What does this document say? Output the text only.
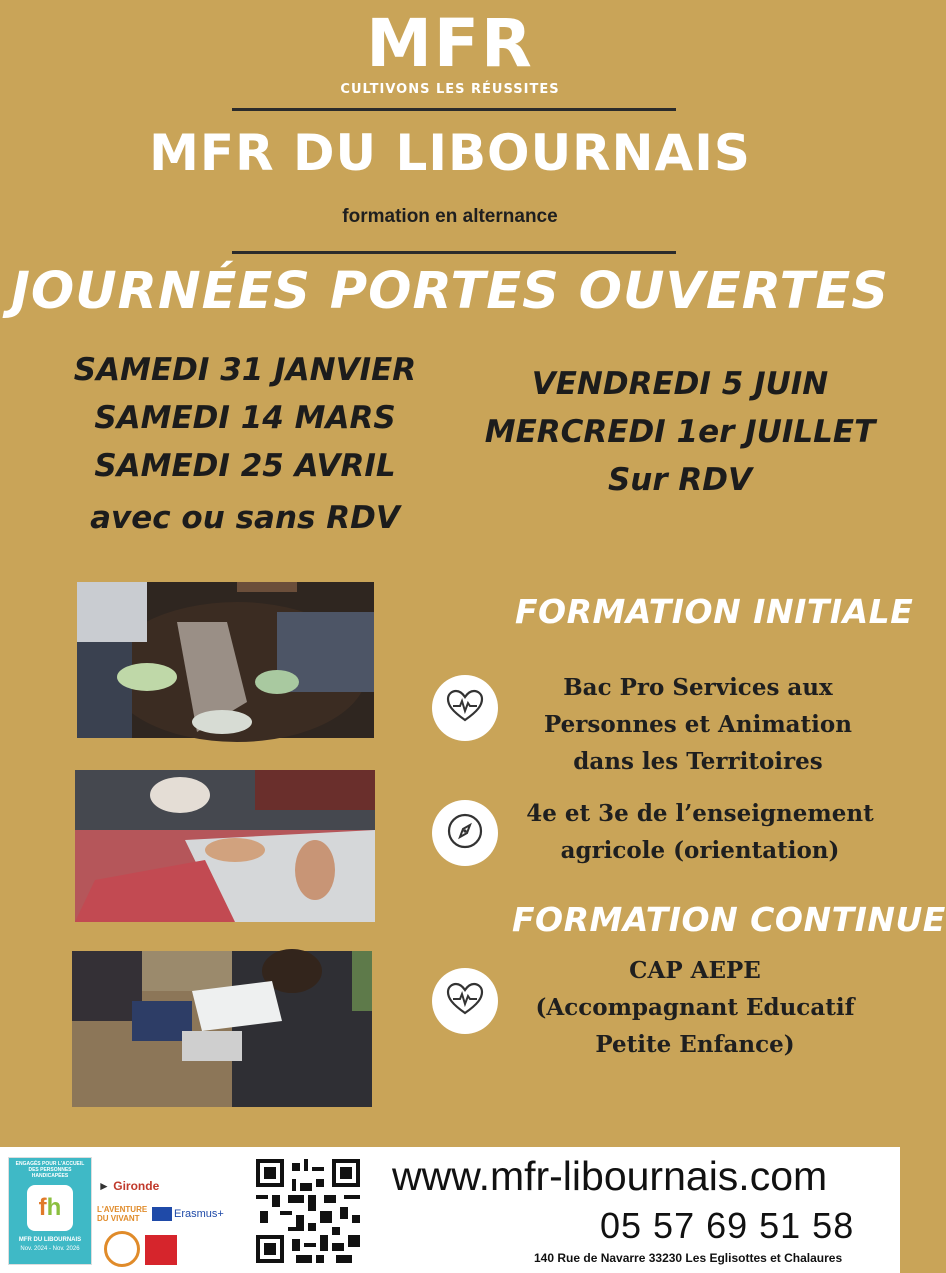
MFR
CULTIVONS LES RÉUSSITES
MFR DU LIBOURNAIS
formation en alternance
JOURNÉES PORTES OUVERTES
SAMEDI 31 JANVIER
SAMEDI 14 MARS
SAMEDI 25 AVRIL
avec ou sans RDV
VENDREDI 5 JUIN
MERCREDI 1er JUILLET
Sur RDV
FORMATION INITIALE
Bac Pro Services aux
Personnes et Animation
dans les Territoires
4e et 3e de l’enseignement
agricole (orientation)
FORMATION CONTINUE
CAP AEPE
(Accompagnant Educatif
Petite Enfance)
ENGAGÉS POUR L'ACCUEIL DES PERSONNES HANDICAPÉES
f h
MFR DU LIBOURNAIS
Nov. 2024 - Nov. 2026
► Gironde
L'AVENTURE DU VIVANT	Erasmus+
www.mfr-libournais.com
05 57 69 51 58
140 Rue de Navarre 33230 Les Eglisottes et Chalaures
